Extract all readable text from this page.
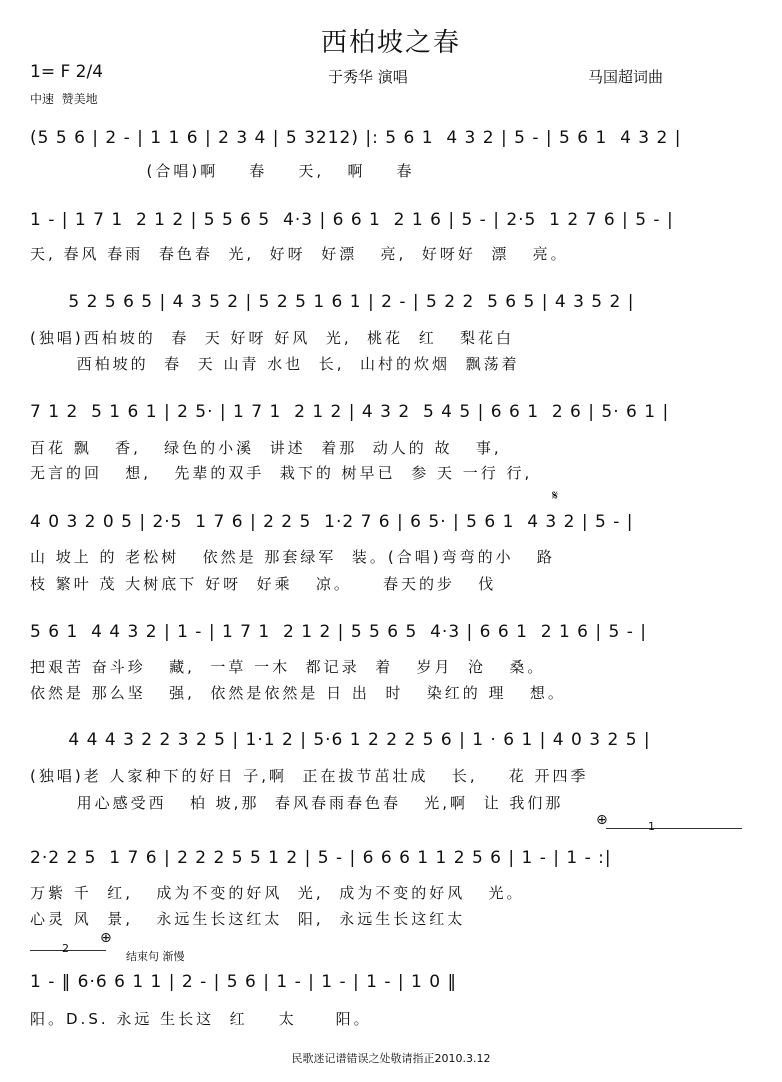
西柏坡之春
1= F 2/4
中速  赞美地
于秀华 演唱	马国超词曲
(5 5 6 | 2 - | 1 1 6 | 2 3 4 | 5 3212) |: 5 6 1  4 3 2 | 5 - | 5 6 1  4 3 2 |
(合唱)啊    春    天,   啊    春
1 - | 1 7 1  2 1 2 | 5 5 6 5  4·3 | 6 6 1  2 1 6 | 5 - | 2·5  1 2 7 6 | 5 - |
天, 春风 春雨  春色春  光,  好呀  好漂   亮,  好呀好  漂   亮。
5 2 5 6 5 | 4 3 5 2 | 5 2 5 1 6 1 | 2 - | 5 2 2  5 6 5 | 4 3 5 2 |
(独唱)西柏坡的  春  天 好呀 好风  光,  桃花  红   梨花白
西柏坡的  春  天 山青 水也  长,  山村的炊烟  飘荡着
7 1 2  5 1 6 1 | 2 5· | 1 7 1  2 1 2 | 4 3 2  5 4 5 | 6 6 1  2 6 | 5· 6 1 |
百花 飘   香,   绿色的小溪  讲述  着那  动人的 故   事,
无言的回   想,   先辈的双手  栽下的 树早已  参 天 一行 行,
𝄋
4 0 3 2 0 5 | 2·5  1 7 6 | 2 2 5  1·2 7 6 | 6 5· | 5 6 1  4 3 2 | 5 - |
山 坡上 的 老松树   依然是 那套绿军  装。(合唱)弯弯的小   路
枝 繁叶 茂 大树底下 好呀  好乘   凉。    春天的步   伐
5 6 1  4 4 3 2 | 1 - | 1 7 1  2 1 2 | 5 5 6 5  4·3 | 6 6 1  2 1 6 | 5 - |
把艰苦 奋斗珍   藏,  一草 一木  都记录  着   岁月  沧   桑。
依然是 那么坚   强,  依然是依然是 日 出  时   染红的 理   想。
4 4 4 3 2 2 3 2 5 | 1·1 2 | 5·6 1 2 2 2 5 6 | 1 · 6 1 | 4 0 3 2 5 |
(独唱)老 人家种下的好日 子,啊  正在拔节茁壮成   长,    花 开四季
用心感受西   柏 坡,那  春风春雨春色春   光,啊  让 我们那
1
⊕
2·2 2 5  1 7 6 | 2 2 2 5 5 1 2 | 5 - | 6 6 6 1 1 2 5 6 | 1 - | 1 - :|
万紫 千  红,   成为不变的好风  光,  成为不变的好风   光。
心灵 风  景,   永远生长这红太  阳,  永远生长这红太
2
⊕
结束句 渐慢
1 - ‖ 6·6 6 1 1 | 2 - | 5 6 | 1 - | 1 - | 1 - | 1 0 ‖
阳。D.S. 永远 生长这  红    太     阳。
民歌迷记谱错误之处敬请指正2010.3.12
